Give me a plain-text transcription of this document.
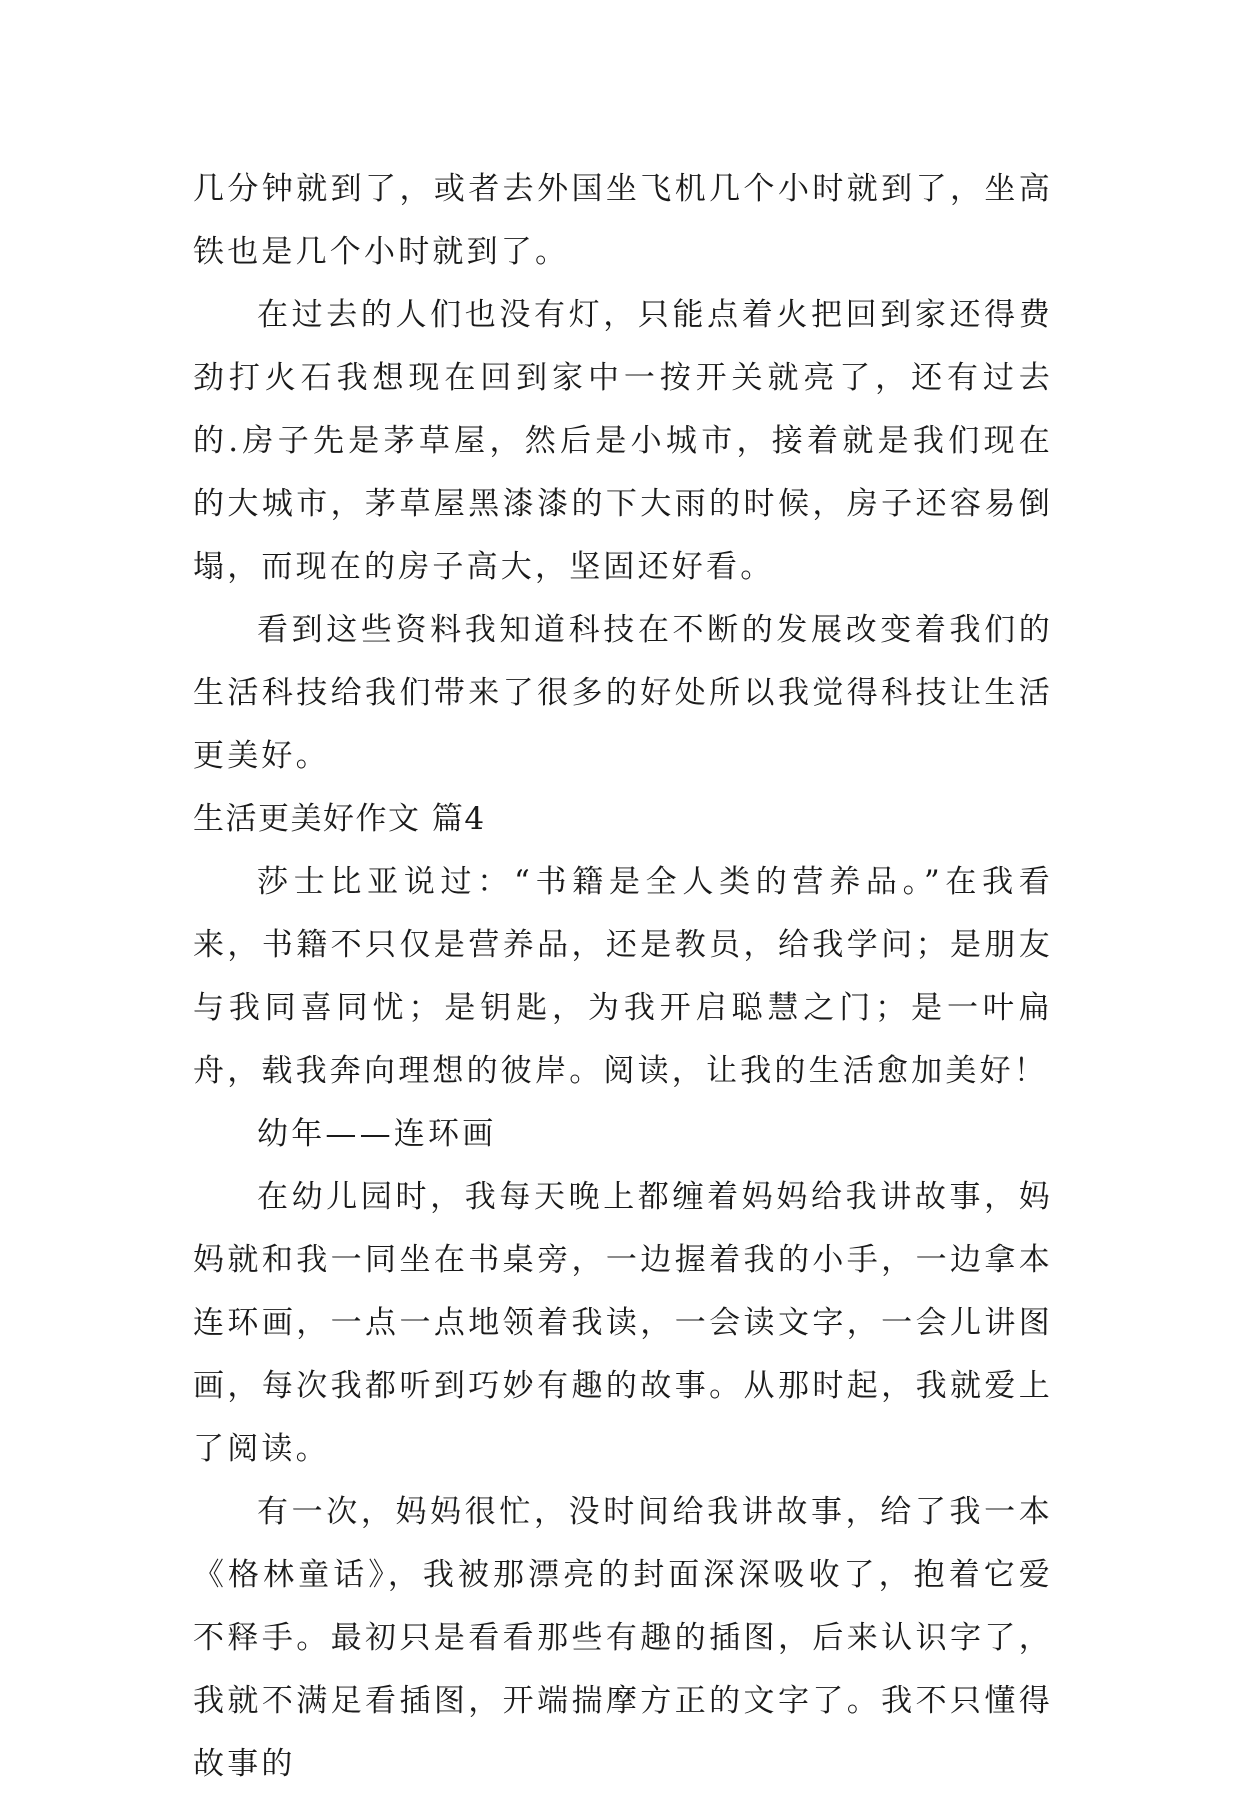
几分钟就到了，或者去外国坐飞机几个小时就到了，坐高铁也是几个小时就到了。

在过去的人们也没有灯，只能点着火把回到家还得费劲打火石我想现在回到家中一按开关就亮了，还有过去的.房子先是茅草屋，然后是小城市，接着就是我们现在的大城市，茅草屋黑漆漆的下大雨的时候，房子还容易倒塌，而现在的房子高大，坚固还好看。

看到这些资料我知道科技在不断的发展改变着我们的生活科技给我们带来了很多的好处所以我觉得科技让生活更美好。

生活更美好作文 篇4

莎士比亚说过：“书籍是全人类的营养品。”在我看来，书籍不只仅是营养品，还是教员，给我学问；是朋友与我同喜同忧；是钥匙，为我开启聪慧之门；是一叶扁舟，载我奔向理想的彼岸。阅读，让我的生活愈加美好！

幼年——连环画

在幼儿园时，我每天晚上都缠着妈妈给我讲故事，妈妈就和我一同坐在书桌旁，一边握着我的小手，一边拿本连环画，一点一点地领着我读，一会读文字，一会儿讲图画，每次我都听到巧妙有趣的故事。从那时起，我就爱上了阅读。

有一次，妈妈很忙，没时间给我讲故事，给了我一本《格林童话》，我被那漂亮的封面深深吸收了，抱着它爱不释手。最初只是看看那些有趣的插图，后来认识字了，我就不满足看插图，开端揣摩方正的文字了。我不只懂得故事的
